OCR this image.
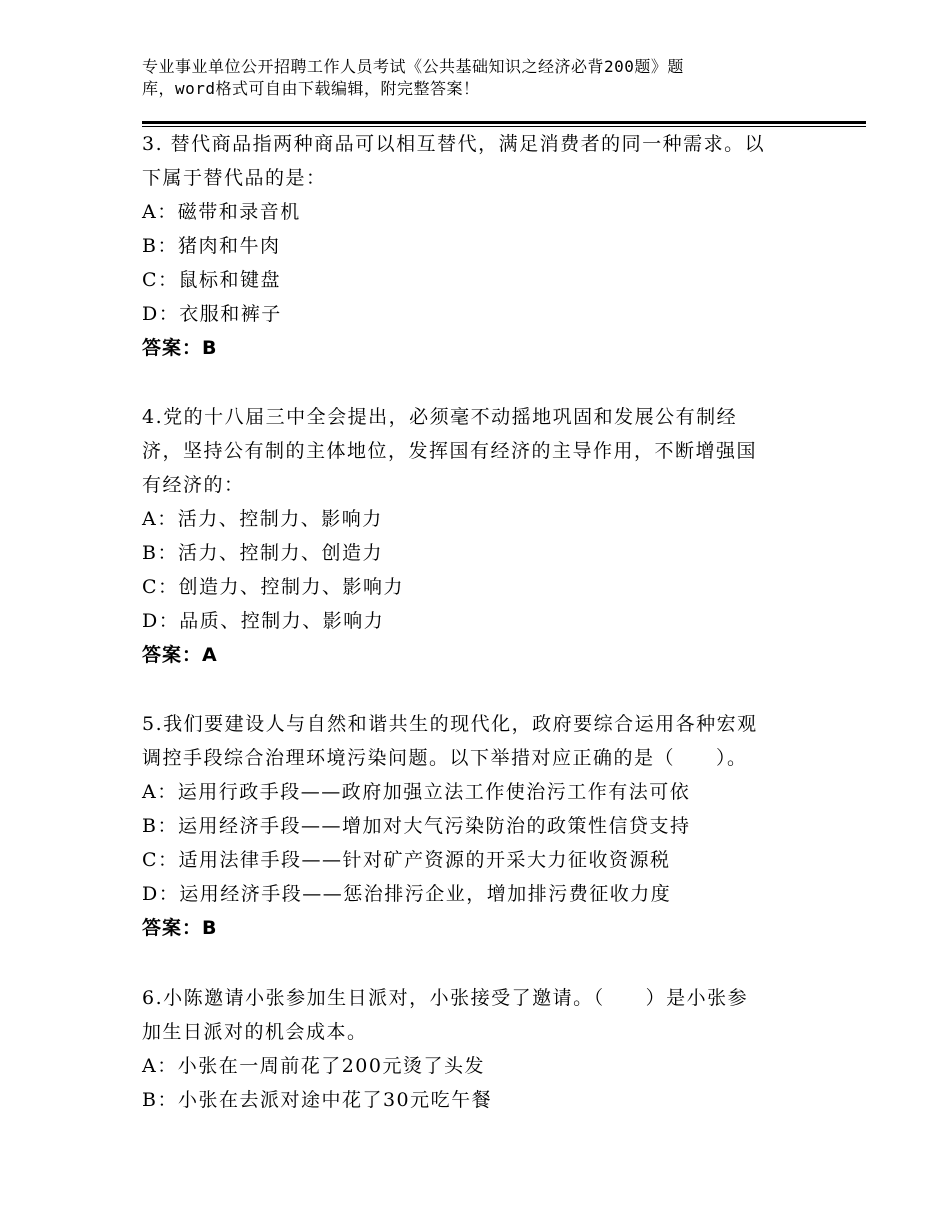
专业事业单位公开招聘工作人员考试《公共基础知识之经济必背200题》题
库，word格式可自由下载编辑，附完整答案！
3. 替代商品指两种商品可以相互替代，满足消费者的同一种需求。以
下属于替代品的是：
A：磁带和录音机
B：猪肉和牛肉
C：鼠标和键盘
D：衣服和裤子
答案：B
4.党的十八届三中全会提出，必须毫不动摇地巩固和发展公有制经
济，坚持公有制的主体地位，发挥国有经济的主导作用，不断增强国
有经济的：
A：活力、控制力、影响力
B：活力、控制力、创造力
C：创造力、控制力、影响力
D：品质、控制力、影响力
答案：A
5.我们要建设人与自然和谐共生的现代化，政府要综合运用各种宏观
调控手段综合治理环境污染问题。以下举措对应正确的是（　　）。
A：运用行政手段——政府加强立法工作使治污工作有法可依
B：运用经济手段——增加对大气污染防治的政策性信贷支持
C：适用法律手段——针对矿产资源的开采大力征收资源税
D：运用经济手段——惩治排污企业，增加排污费征收力度
答案：B
6.小陈邀请小张参加生日派对，小张接受了邀请。（　　）是小张参
加生日派对的机会成本。
A：小张在一周前花了200元烫了头发
B：小张在去派对途中花了30元吃午餐
